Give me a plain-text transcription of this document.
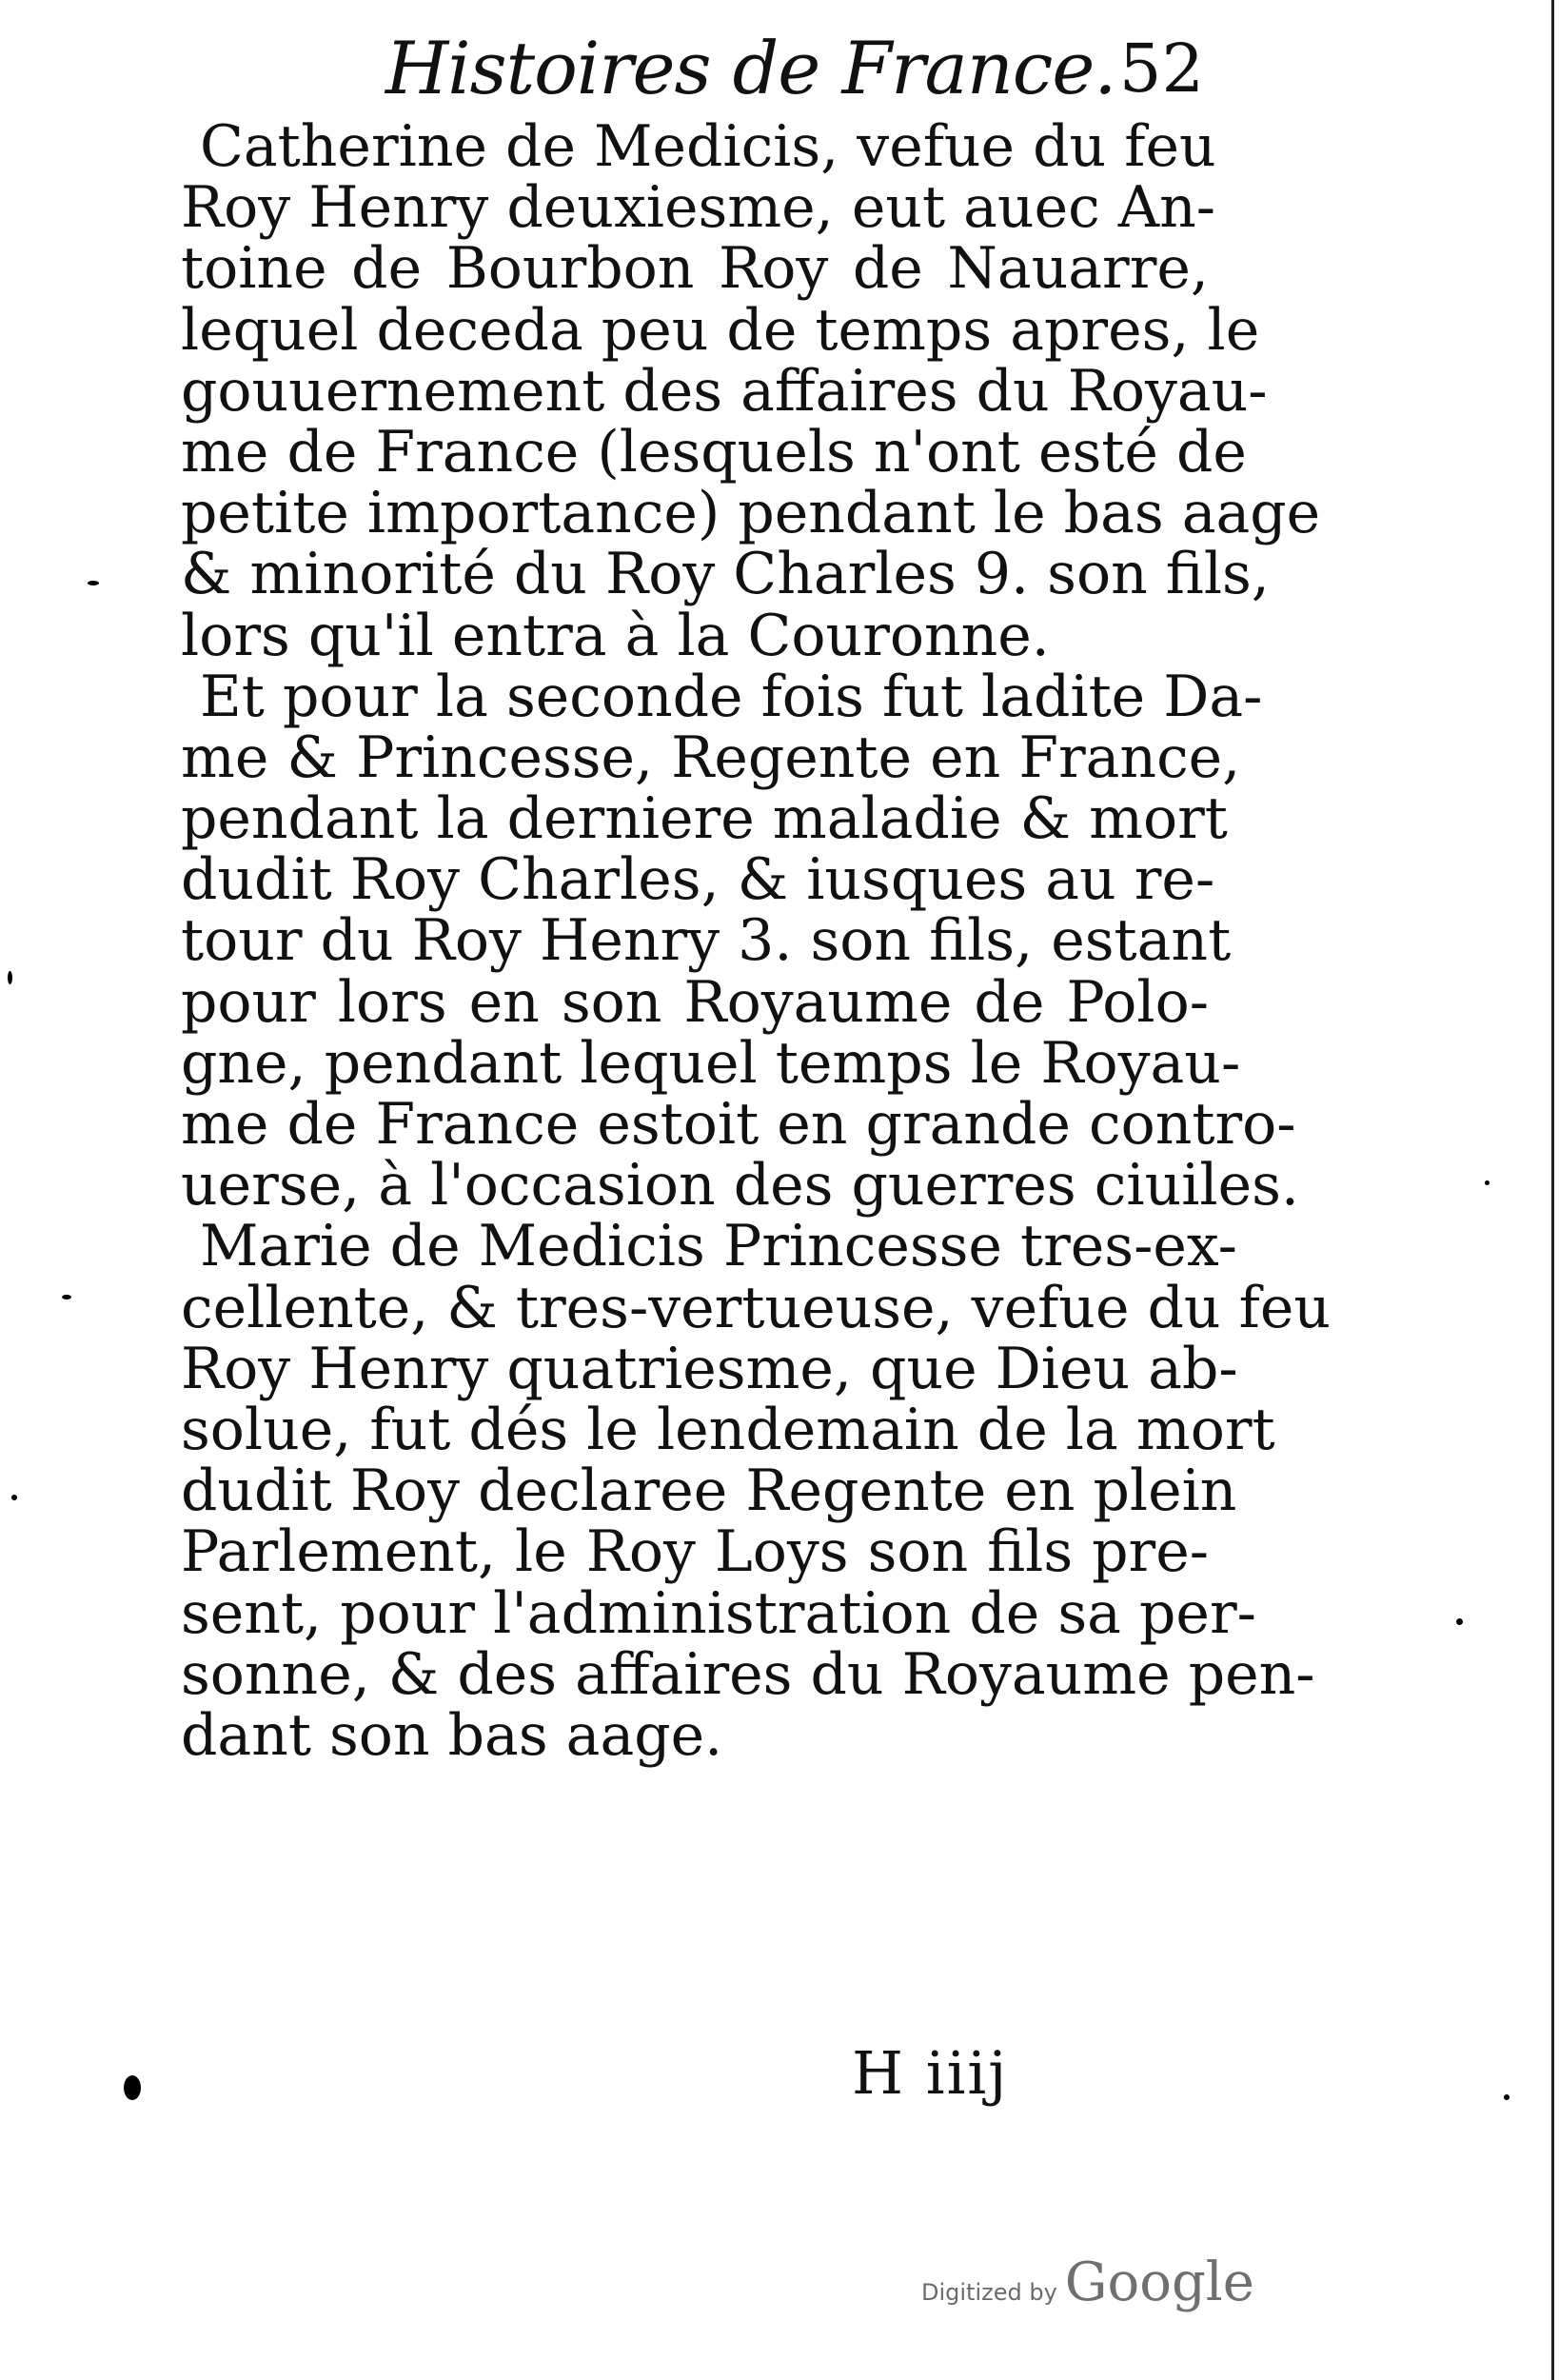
Histoires de France. 52
Catherine de Medicis, vefue du feu
Roy Henry deuxiesme, eut auec An-
toine de Bourbon Roy de Nauarre,
lequel deceda peu de temps apres, le
gouuernement des affaires du Royau-
me de France (lesquels n'ont esté de
petite importance) pendant le bas aage
& minorité du Roy Charles 9. son fils,
lors qu'il entra à la Couronne.
Et pour la seconde fois fut ladite Da-
me & Princesse, Regente en France,
pendant la derniere maladie & mort
dudit Roy Charles, & iusques au re-
tour du Roy Henry 3. son fils, estant
pour lors en son Royaume de Polo-
gne, pendant lequel temps le Royau-
me de France estoit en grande contro-
uerse, à l'occasion des guerres ciuiles.
Marie de Medicis Princesse tres-ex-
cellente, & tres-vertueuse, vefue du feu
Roy Henry quatriesme, que Dieu ab-
solue, fut dés le lendemain de la mort
dudit Roy declaree Regente en plein
Parlement, le Roy Loys son fils pre-
sent, pour l'administration de sa per-
sonne, & des affaires du Royaume pen-
dant son bas aage.
H iiij
Digitized by Google
